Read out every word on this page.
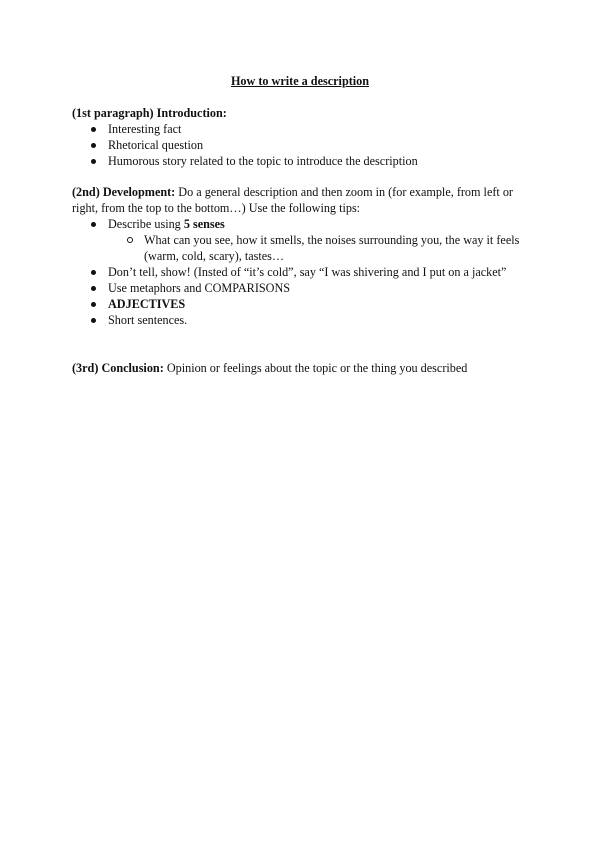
How to write a description

(1st paragraph) Introduction:

Interesting fact
Rhetorical question
Humorous story related to the topic to introduce the description

(2nd) Development: Do a general description and then zoom in (for example, from left or right, from the top to the bottom…) Use the following tips:

Describe using 5 senses
What can you see, how it smells, the noises surrounding you, the way it feels (warm, cold, scary), tastes…
Don’t tell, show! (Insted of “it’s cold”, say “I was shivering and I put on a jacket”
Use metaphors and COMPARISONS
ADJECTIVES
Short sentences.

(3rd) Conclusion: Opinion or feelings about the topic or the thing you described
